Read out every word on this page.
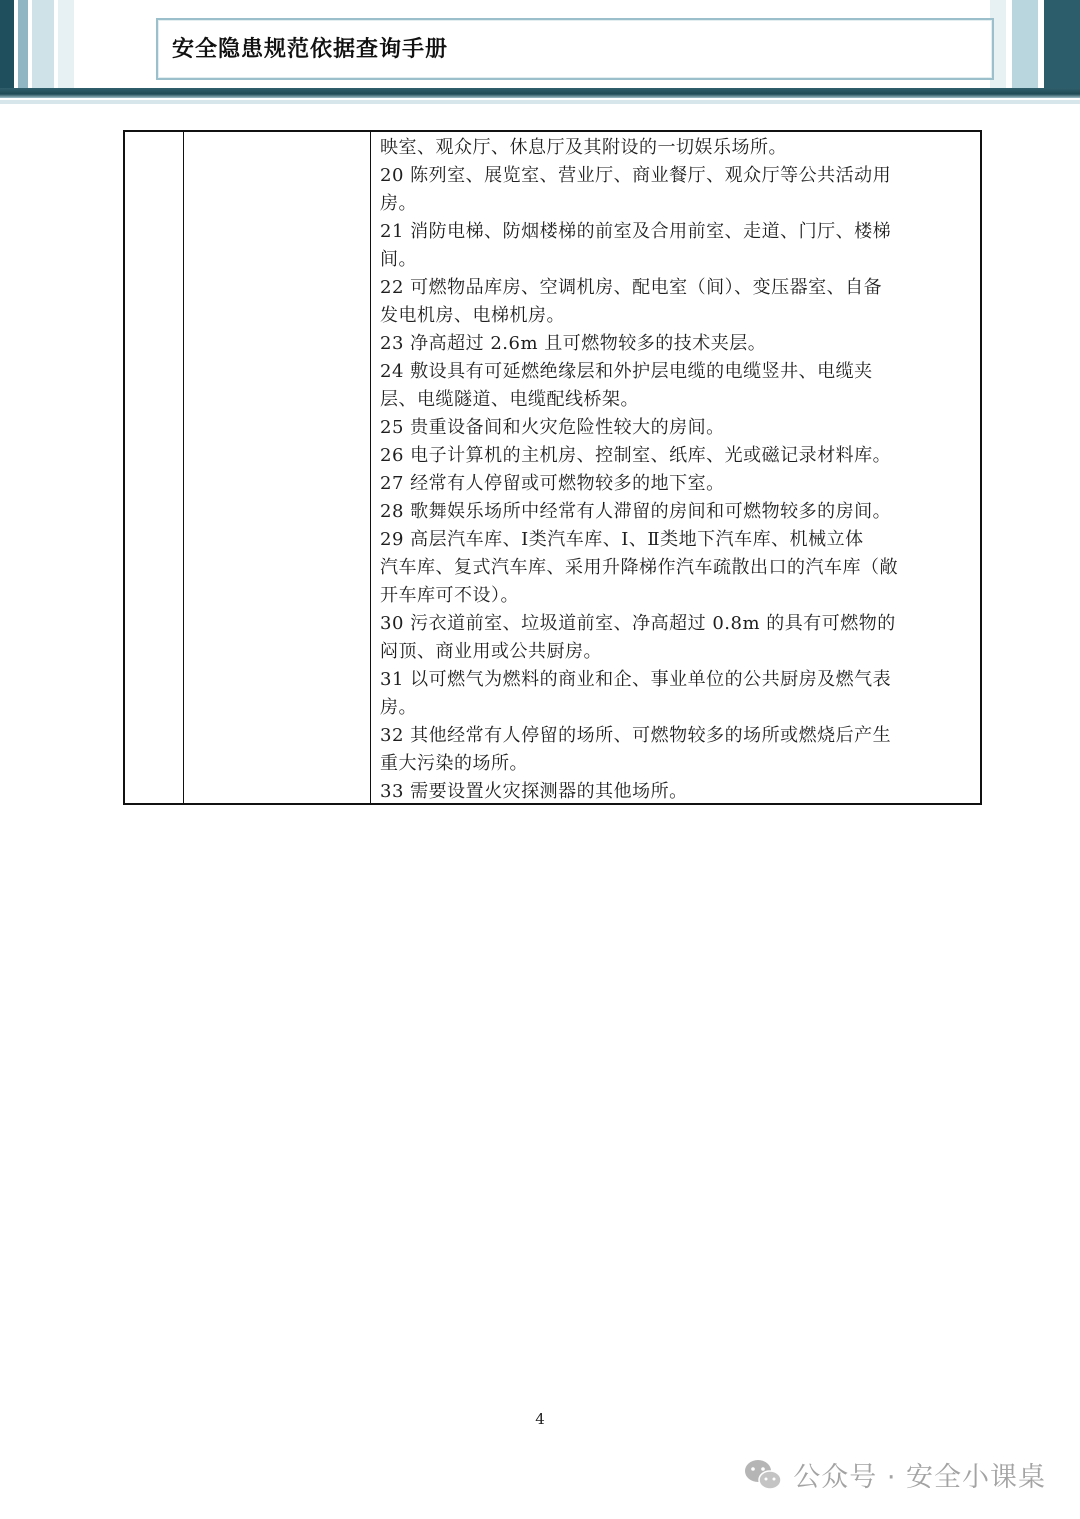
安全隐患规范依据查询手册
映室、观众厅、休息厅及其附设的一切娱乐场所。
20 陈列室、展览室、营业厅、商业餐厅、观众厅等公共活动用
房。
21 消防电梯、防烟楼梯的前室及合用前室、走道、门厅、楼梯
间。
22 可燃物品库房、空调机房、配电室（间）、变压器室、自备
发电机房、电梯机房。
23 净高超过 2.6m 且可燃物较多的技术夹层。
24 敷设具有可延燃绝缘层和外护层电缆的电缆竖井、电缆夹
层、电缆隧道、电缆配线桥架。
25 贵重设备间和火灾危险性较大的房间。
26 电子计算机的主机房、控制室、纸库、光或磁记录材料库。
27 经常有人停留或可燃物较多的地下室。
28 歌舞娱乐场所中经常有人滞留的房间和可燃物较多的房间。
29 高层汽车库、Ⅰ类汽车库、Ⅰ、Ⅱ类地下汽车库、机械立体
汽车库、复式汽车库、采用升降梯作汽车疏散出口的汽车库（敞
开车库可不设）。
30 污衣道前室、垃圾道前室、净高超过 0.8m 的具有可燃物的
闷顶、商业用或公共厨房。
31 以可燃气为燃料的商业和企、事业单位的公共厨房及燃气表
房。
32 其他经常有人停留的场所、可燃物较多的场所或燃烧后产生
重大污染的场所。
33 需要设置火灾探测器的其他场所。
4
公众号 · 安全小课桌
